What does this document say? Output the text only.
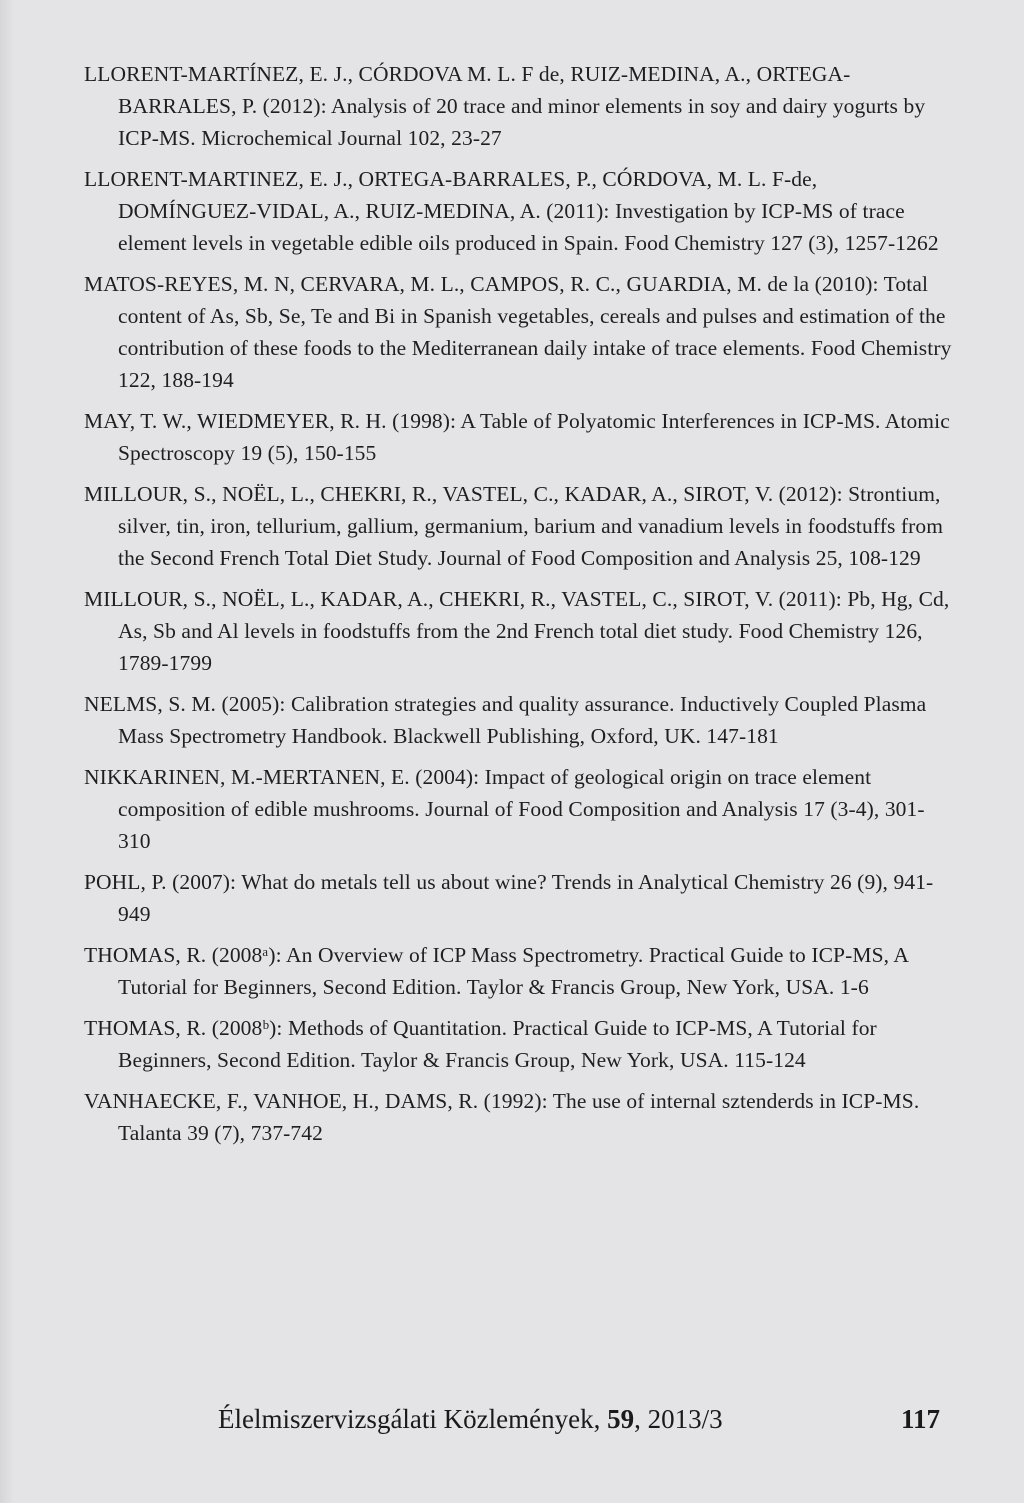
LLORENT-MARTÍNEZ, E. J., CÓRDOVA M. L. F de, RUIZ-MEDINA, A., ORTEGA-BARRALES, P. (2012): Analysis of 20 trace and minor elements in soy and dairy yogurts by ICP-MS. Microchemical Journal 102, 23-27
LLORENT-MARTINEZ, E. J., ORTEGA-BARRALES, P., CÓRDOVA, M. L. F-de, DOMÍNGUEZ-VIDAL, A., RUIZ-MEDINA, A. (2011): Investigation by ICP-MS of trace element levels in vegetable edible oils produced in Spain. Food Chemistry 127 (3), 1257-1262
MATOS-REYES, M. N, CERVARA, M. L., CAMPOS, R. C., GUARDIA, M. de la (2010): Total content of As, Sb, Se, Te and Bi in Spanish vegetables, cereals and pulses and estimation of the contribution of these foods to the Mediterranean daily intake of trace elements. Food Chemistry 122, 188-194
MAY, T. W., WIEDMEYER, R. H. (1998): A Table of Polyatomic Interferences in ICP-MS. Atomic Spectroscopy 19 (5), 150-155
MILLOUR, S., NOËL, L., CHEKRI, R., VASTEL, C., KADAR, A., SIROT, V. (2012): Strontium, silver, tin, iron, tellurium, gallium, germanium, barium and vanadium levels in foodstuffs from the Second French Total Diet Study. Journal of Food Composition and Analysis 25, 108-129
MILLOUR, S., NOËL, L., KADAR, A., CHEKRI, R., VASTEL, C., SIROT, V. (2011): Pb, Hg, Cd, As, Sb and Al levels in foodstuffs from the 2nd French total diet study. Food Chemistry 126, 1789-1799
NELMS, S. M. (2005): Calibration strategies and quality assurance. Inductively Coupled Plasma Mass Spectrometry Handbook. Blackwell Publishing, Oxford, UK. 147-181
NIKKARINEN, M.-MERTANEN, E. (2004): Impact of geological origin on trace element composition of edible mushrooms. Journal of Food Composition and Analysis 17 (3-4), 301-310
POHL, P. (2007): What do metals tell us about wine? Trends in Analytical Chemistry 26 (9), 941-949
THOMAS, R. (2008ᵃ): An Overview of ICP Mass Spectrometry. Practical Guide to ICP-MS, A Tutorial for Beginners, Second Edition. Taylor & Francis Group, New York, USA. 1-6
THOMAS, R. (2008ᵇ): Methods of Quantitation. Practical Guide to ICP-MS, A Tutorial for Beginners, Second Edition. Taylor & Francis Group, New York, USA. 115-124
VANHAECKE, F., VANHOE, H., DAMS, R. (1992): The use of internal sztenderds in ICP-MS. Talanta 39 (7), 737-742
Élelmiszervizsgálati Közlemények, 59, 2013/3	117
